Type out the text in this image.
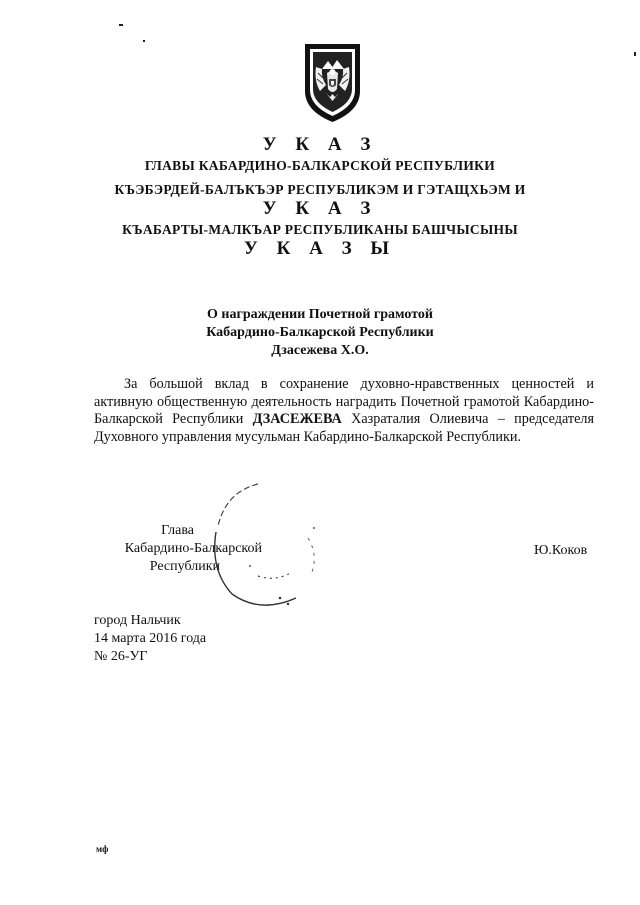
У К А З
ГЛАВЫ КАБАРДИНО-БАЛКАРСКОЙ РЕСПУБЛИКИ
КЪЭБЭРДЕЙ-БАЛЪКЪЭР РЕСПУБЛИКЭМ И ГЭТАЩХЬЭМ И
У К А З
КЪАБАРТЫ-МАЛКЪАР РЕСПУБЛИКАНЫ БАШЧЫСЫНЫ
У К А З Ы
О награждении Почетной грамотой
Кабардино-Балкарской Республики
Дзасежева Х.О.

За большой вклад в сохранение духовно-нравственных ценностей и активную общественную деятельность наградить Почетной грамотой Кабардино-Балкарской Республики ДЗАСЕЖЕВА Хазраталия Олиевича – председателя Духовного управления мусульман Кабардино-Балкарской Республики.

Глава
Кабардино-Балкарской
Республики
Ю.Коков
город Нальчик
14 марта 2016 года
№ 26-УГ
мф
